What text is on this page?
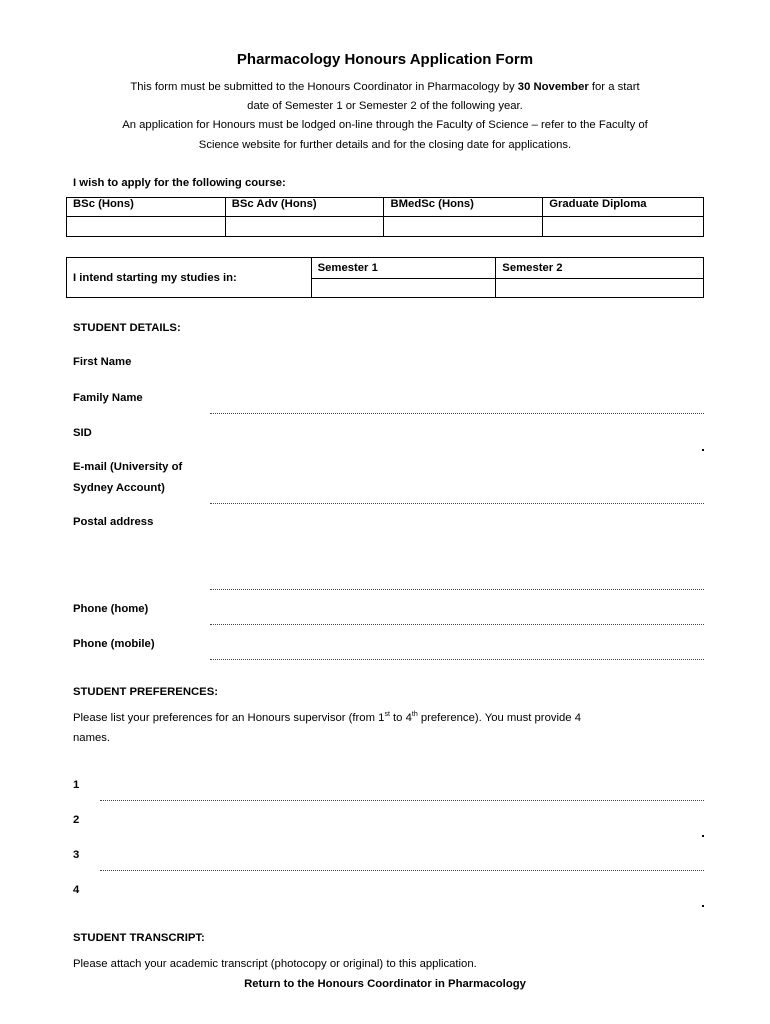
Pharmacology Honours Application Form
This form must be submitted to the Honours Coordinator in Pharmacology by 30 November for a start
date of Semester 1 or Semester 2 of the following year.
An application for Honours must be lodged on-line through the Faculty of Science – refer to the Faculty of
Science website for further details and for the closing date for applications.
I wish to apply for the following course:
BSc (Hons)	BSc Adv (Hons)	BMedSc (Hons)	Graduate Diploma

I intend starting my studies in:	Semester 1	Semester 2

STUDENT DETAILS:
First Name
Family Name
SID
E-mail (University of
Sydney Account)
Postal address
Phone (home)
Phone (mobile)
STUDENT PREFERENCES:
Please list your preferences for an Honours supervisor (from 1st to 4th preference). You must provide 4
names.
1
2
3
4
STUDENT TRANSCRIPT:
Please attach your academic transcript (photocopy or original) to this application.
Return to the Honours Coordinator in Pharmacology
